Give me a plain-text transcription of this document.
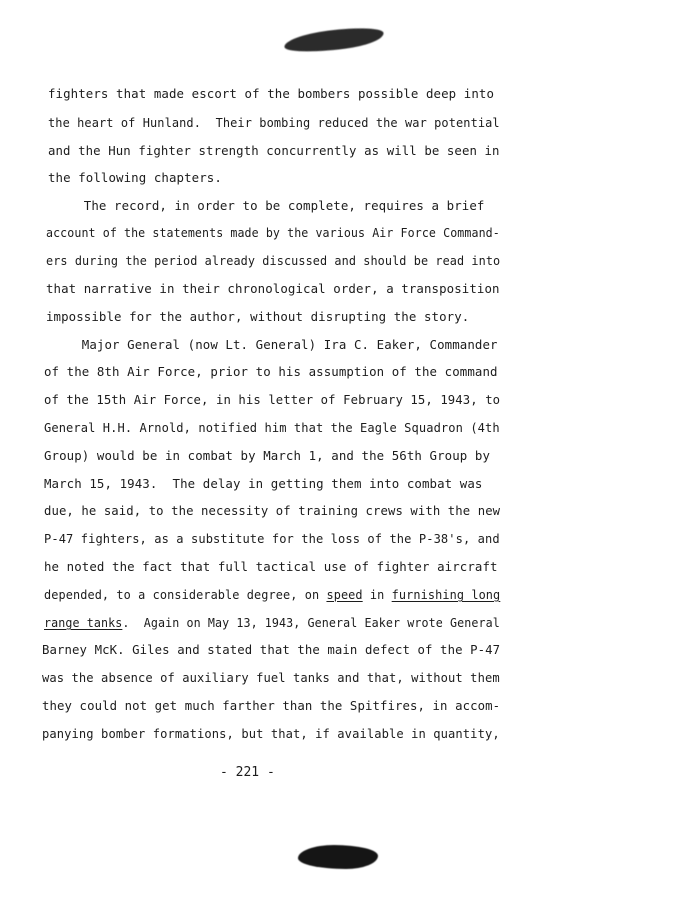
fighters that made escort of the bombers possible deep into
the heart of Hunland.  Their bombing reduced the war potential
and the Hun fighter strength concurrently as will be seen in
the following chapters.
The record, in order to be complete, requires a brief
account of the statements made by the various Air Force Command-
ers during the period already discussed and should be read into
that narrative in their chronological order, a transposition
impossible for the author, without disrupting the story.
Major General (now Lt. General) Ira C. Eaker, Commander
of the 8th Air Force, prior to his assumption of the command
of the 15th Air Force, in his letter of February 15, 1943, to
General H.H. Arnold, notified him that the Eagle Squadron (4th
Group) would be in combat by March 1, and the 56th Group by
March 15, 1943.  The delay in getting them into combat was
due, he said, to the necessity of training crews with the new
P-47 fighters, as a substitute for the loss of the P-38's, and
he noted the fact that full tactical use of fighter aircraft
depended, to a considerable degree, on speed in furnishing long
range tanks.  Again on May 13, 1943, General Eaker wrote General
Barney McK. Giles and stated that the main defect of the P-47
was the absence of auxiliary fuel tanks and that, without them
they could not get much farther than the Spitfires, in accom-
panying bomber formations, but that, if available in quantity,
- 221 -
